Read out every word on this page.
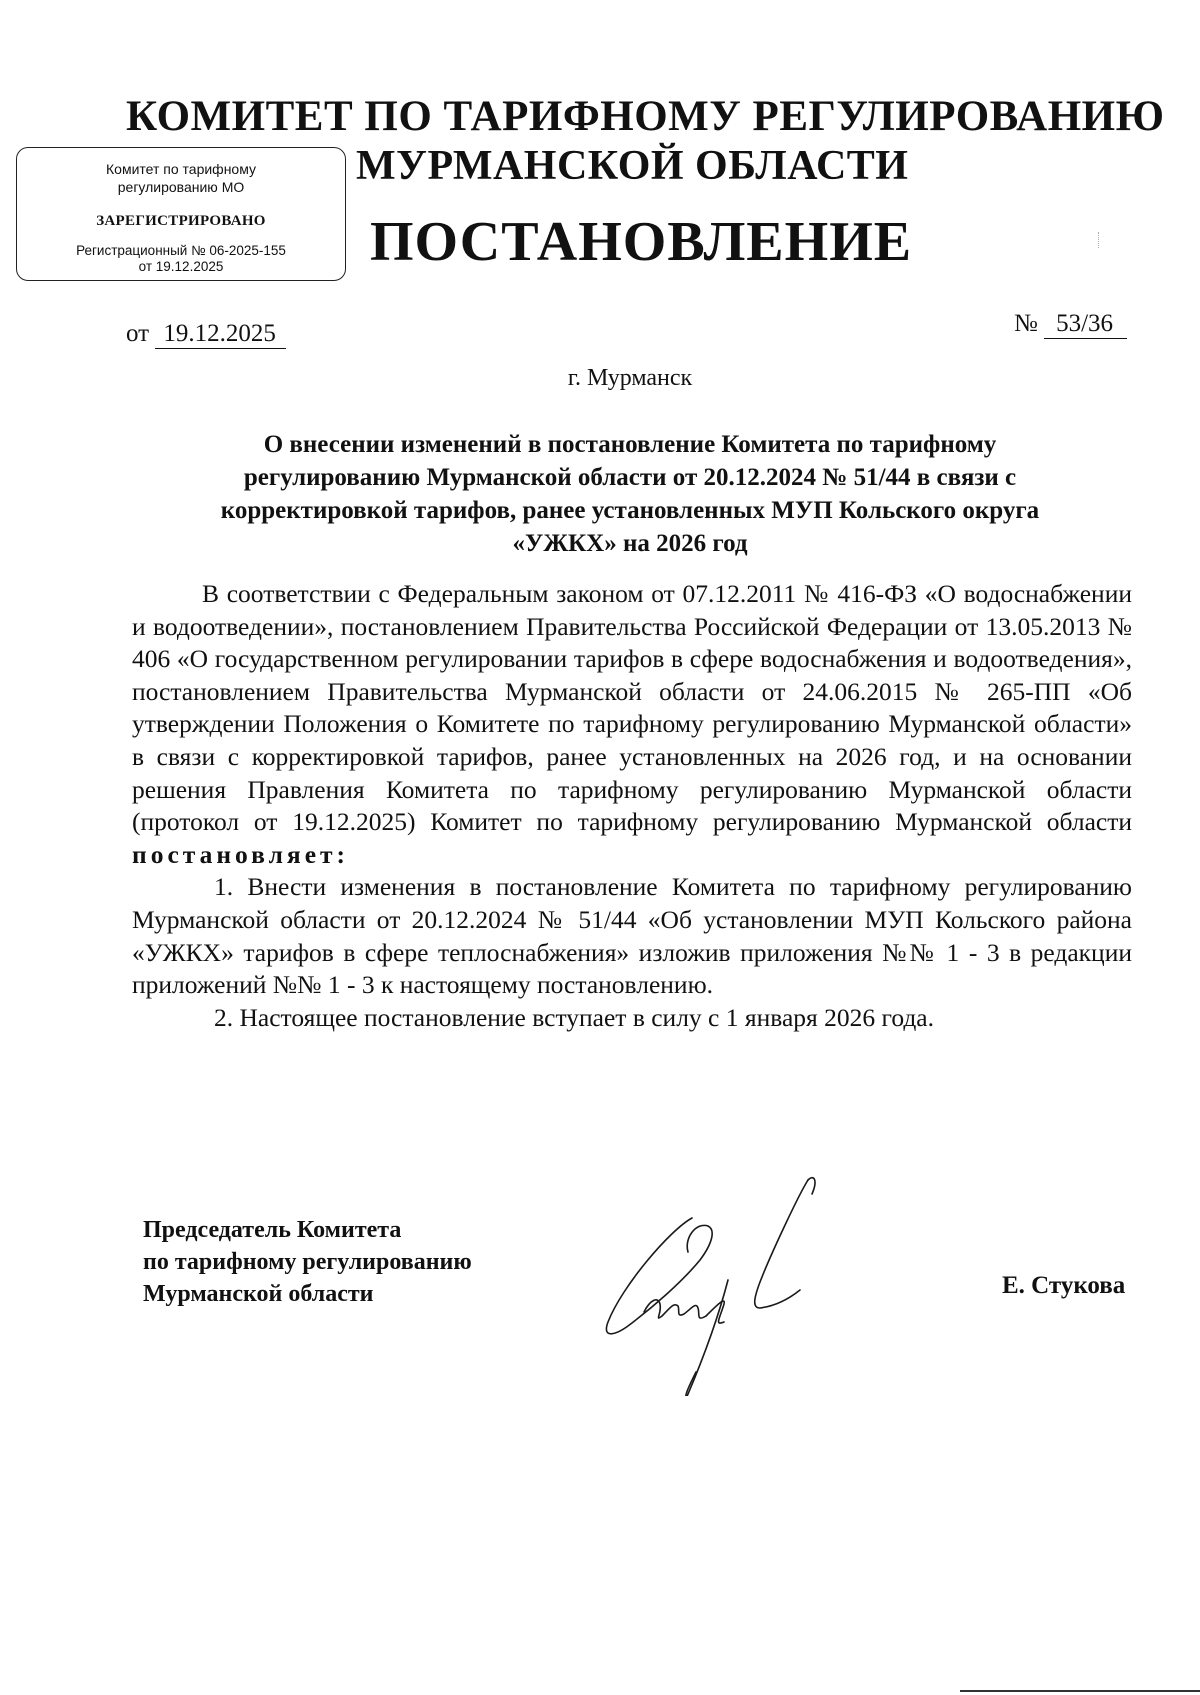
КОМИТЕТ ПО ТАРИФНОМУ РЕГУЛИРОВАНИЮ
МУРМАНСКОЙ ОБЛАСТИ
ПОСТАНОВЛЕНИЕ
Комитет по тарифному
регулированию МО
ЗАРЕГИСТРИРОВАНО
Регистрационный № 06-2025-155
от 19.12.2025
от 19.12.2025	№ 53/36
г. Мурманск
О внесении изменений в постановление Комитета по тарифному
регулированию Мурманской области от 20.12.2024 № 51/44 в связи с
корректировкой тарифов, ранее установленных МУП Кольского округа
«УЖКХ» на 2026 год

В соответствии с Федеральным законом от 07.12.2011 № 416-ФЗ «О водоснабжении и водоотведении», постановлением Правительства Российской Федерации от 13.05.2013 № 406 «О государственном регулировании тарифов в сфере водоснабжения и водоотведения», постановлением Правительства Мурманской области от 24.06.2015 № 265-ПП «Об утверждении Положения о Комитете по тарифному регулированию Мурманской области» в связи с корректировкой тарифов, ранее установленных на 2026 год, и на основании решения Правления Комитета по тарифному регулированию Мурманской области (протокол от 19.12.2025) Комитет по тарифному регулированию Мурманской области постановляет:

1. Внести изменения в постановление Комитета по тарифному регулированию Мурманской области от 20.12.2024 № 51/44 «Об установлении МУП Кольского района «УЖКХ» тарифов в сфере теплоснабжения» изложив приложения №№ 1 - 3 в редакции приложений №№ 1 - 3 к настоящему постановлению.

2. Настоящее постановление вступает в силу с 1 января 2026 года.

Председатель Комитета
по тарифному регулированию
Мурманской области	Е. Стукова
